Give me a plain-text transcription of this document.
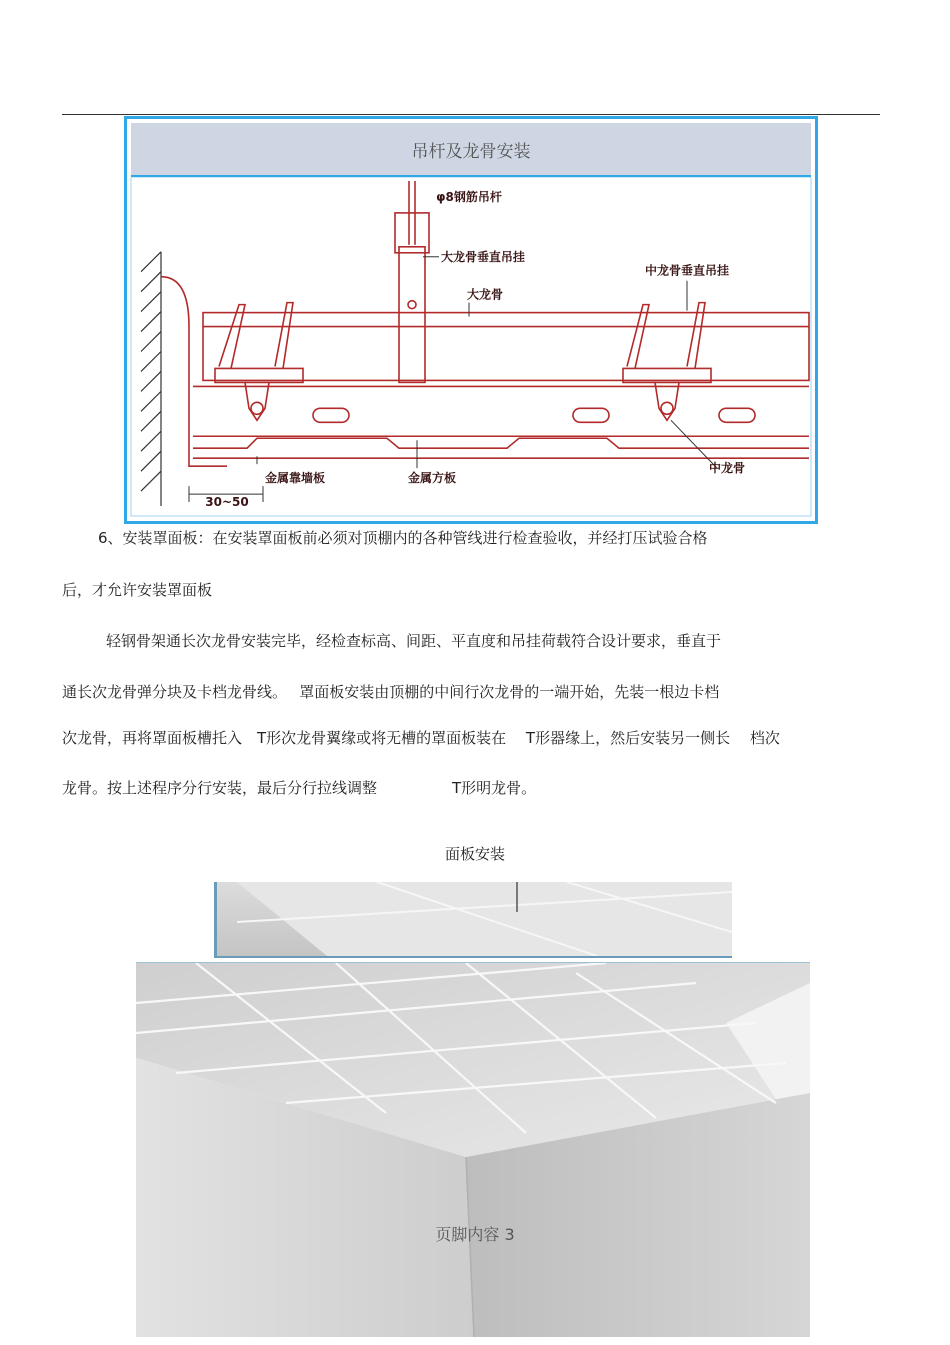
吊杆及龙骨安装
φ8钢筋吊杆
大龙骨垂直吊挂
中龙骨垂直吊挂
大龙骨
金属靠墙板	金属方板
中龙骨
30~50
6、安装罩面板：在安装罩面板前必须对顶棚内的各种管线进行检查验收，并经打压试验合格
后，才允许安装罩面板
轻钢骨架通长次龙骨安装完毕，经检查标高、间距、平直度和吊挂荷载符合设计要求，垂直于
通长次龙骨弹分块及卡档龙骨线。　 罩面板安装由顶棚的中间行次龙骨的一端开始，先装一根边卡档
次龙骨，再将罩面板槽托入　T形次龙骨翼缘或将无槽的罩面板装在　 T形器缘上，然后安装另一侧长　 档次
龙骨。按上述程序分行安装，最后分行拉线调整　　　　　T形明龙骨。
面板安装
页脚内容 3
